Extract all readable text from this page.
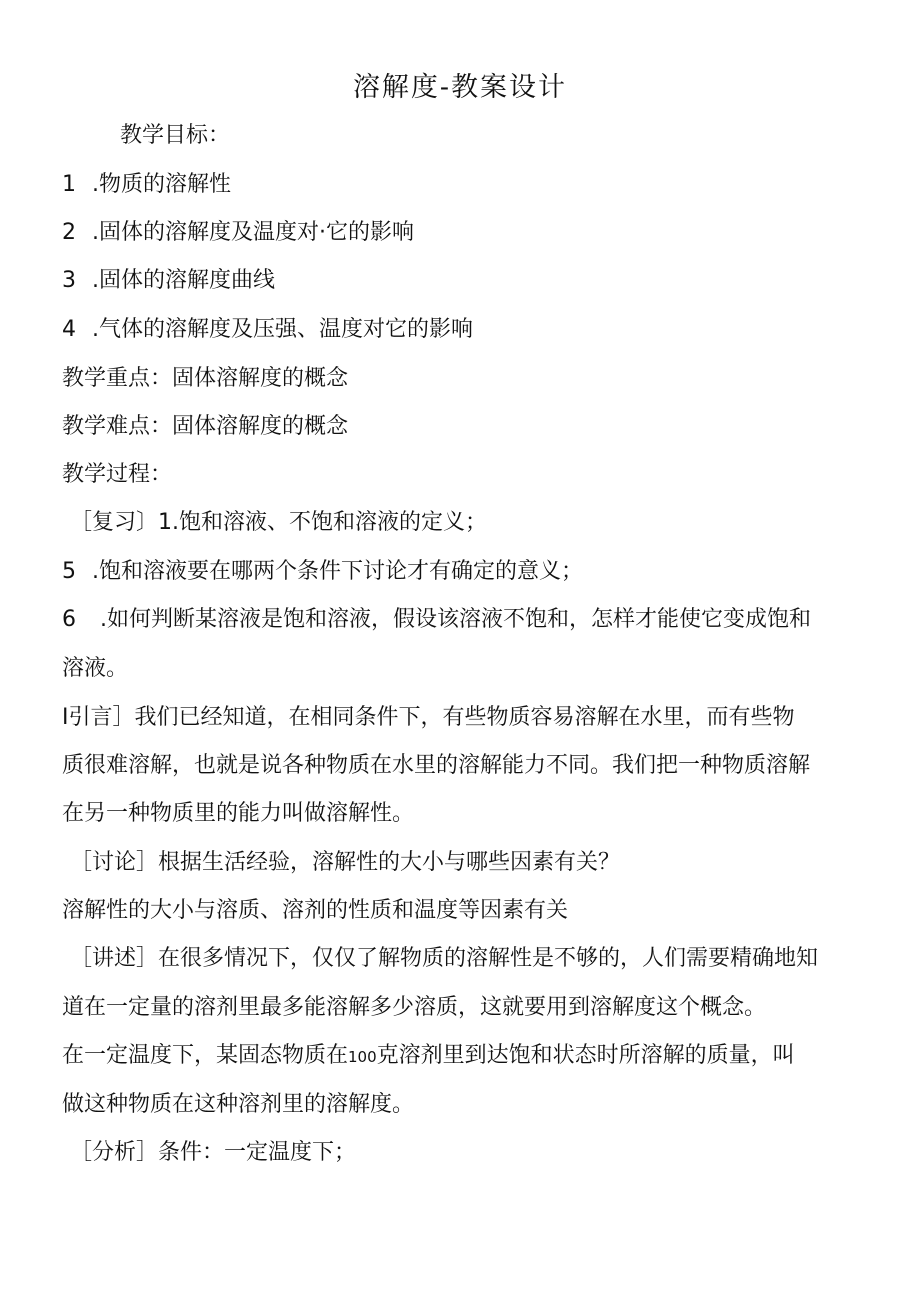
溶解度-教案设计
教学目标：
1 .物质的溶解性
2 .固体的溶解度及温度对·它的影响
3 .固体的溶解度曲线
4 .气体的溶解度及压强、温度对它的影响
教学重点：固体溶解度的概念
教学难点：固体溶解度的概念
教学过程：
［复习〕1.饱和溶液、不饱和溶液的定义；
5 .饱和溶液要在哪两个条件下讨论才有确定的意义；
6 .如何判断某溶液是饱和溶液，假设该溶液不饱和，怎样才能使它变成饱和
溶液。
I引言］我们已经知道，在相同条件下，有些物质容易溶解在水里，而有些物
质很难溶解，也就是说各种物质在水里的溶解能力不同。我们把一种物质溶解
在另一种物质里的能力叫做溶解性。
［讨论］根据生活经验，溶解性的大小与哪些因素有关？
溶解性的大小与溶质、溶剂的性质和温度等因素有关
［讲述］在很多情况下，仅仅了解物质的溶解性是不够的，人们需要精确地知
道在一定量的溶剂里最多能溶解多少溶质，这就要用到溶解度这个概念。
在一定温度下，某固态物质在100克溶剂里到达饱和状态时所溶解的质量，叫
做这种物质在这种溶剂里的溶解度。
［分析］条件：一定温度下；
